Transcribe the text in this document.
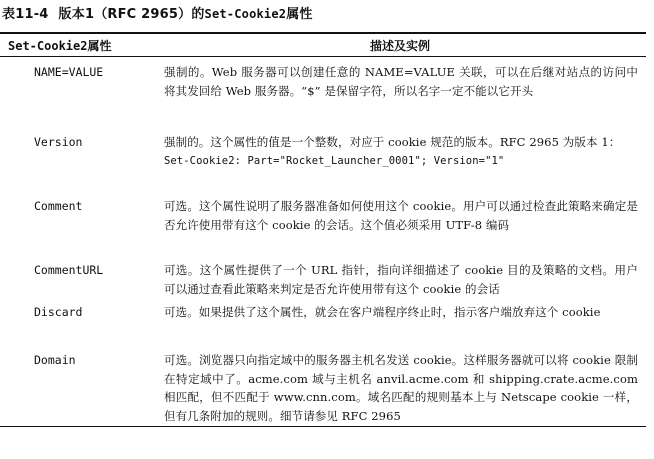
表11-4 版本1（RFC 2965）的Set-Cookie2属性
Set-Cookie2属性	描述及实例
NAME=VALUE	强制的。Web 服务器可以创建任意的 NAME=VALUE 关联，可以在后继对站点的访问中将其发回给 Web 服务器。“$” 是保留字符，所以名字一定不能以它开头
Version	强制的。这个属性的值是一个整数，对应于 cookie 规范的版本。RFC 2965 为版本 1：
Set-Cookie2: Part="Rocket_Launcher_0001"; Version="1"
Comment	可选。这个属性说明了服务器准备如何使用这个 cookie。用户可以通过检查此策略来确定是否允许使用带有这个 cookie 的会话。这个值必须采用 UTF-8 编码
CommentURL	可选。这个属性提供了一个 URL 指针，指向详细描述了 cookie 目的及策略的文档。用户可以通过查看此策略来判定是否允许使用带有这个 cookie 的会话
Discard	可选。如果提供了这个属性，就会在客户端程序终止时，指示客户端放弃这个 cookie
Domain	可选。浏览器只向指定域中的服务器主机名发送 cookie。这样服务器就可以将 cookie 限制在特定域中了。acme.com 域与主机名 anvil.acme.com 和 shipping.crate.acme.com 相匹配，但不匹配于 www.cnn.com。域名匹配的规则基本上与 Netscape cookie 一样，但有几条附加的规则。细节请参见 RFC 2965
